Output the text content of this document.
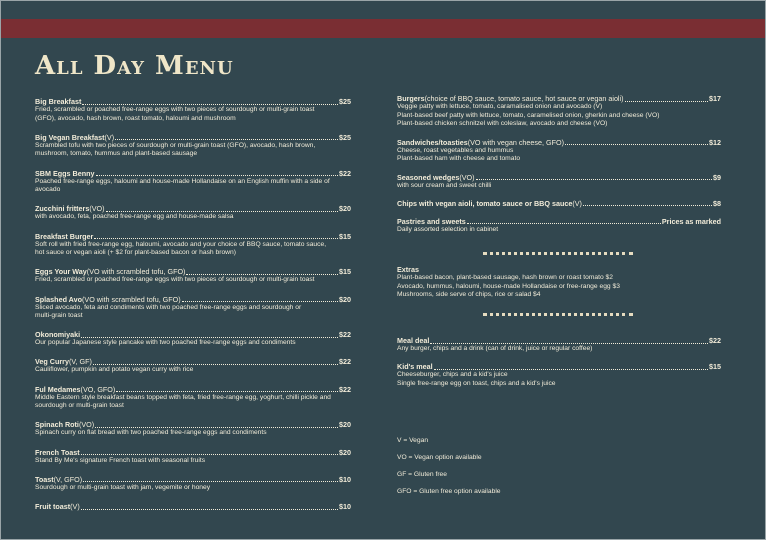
All Day Menu
Big Breakfast	$25
Fried, scrambled or poached free-range eggs with two pieces of sourdough or multi-grain toast
(GFO), avocado, hash brown, roast tomato, haloumi and mushroom
Big Vegan Breakfast (V)	$25
Scrambled tofu with two pieces of sourdough or multi-grain toast (GFO), avocado, hash brown,
mushroom, tomato, hummus and plant-based sausage
SBM Eggs Benny	$22
Poached free-range eggs, haloumi and house-made Hollandaise on an English muffin with a side of
avocado
Zucchini fritters (VO)	$20
with avocado, feta, poached free-range egg and house-made salsa
Breakfast Burger	$15
Soft roll with fried free-range egg, haloumi, avocado and your choice of BBQ sauce, tomato sauce,
hot sauce or vegan aioli (+ $2 for plant-based bacon or hash brown)
Eggs Your Way (VO with scrambled tofu, GFO)	$15
Fried, scrambled or poached free-range eggs with two pieces of sourdough or multi-grain toast
Splashed Avo (VO with scrambled tofu, GFO)	$20
Sliced avocado, feta and condiments with two poached free-range eggs and sourdough or
multi-grain toast
Okonomiyaki	$22
Our popular Japanese style pancake with two poached free-range eggs and condiments
Veg Curry (V, GF)	$22
Cauliflower, pumpkin and potato vegan curry with rice
Ful Medames (VO, GFO)	$22
Middle Eastern style breakfast beans topped with feta, fried free-range egg, yoghurt, chilli pickle and
sourdough or multi-grain toast
Spinach Roti (VO)	$20
Spinach curry on flat bread with two poached free-range eggs and condiments
French Toast	$20
Stand By Me's signature French toast with seasonal fruits
Toast (V, GFO)	$10
Sourdough or multi-grain toast with jam, vegemite or honey
Fruit toast (V)	$10
Burgers (choice of BBQ sauce, tomato sauce, hot sauce or vegan aioli)	$17
Veggie patty with lettuce, tomato, caramalised onion and avocado (V)
Plant-based beef patty with lettuce, tomato, caramelised onion, gherkin and cheese (VO)
Plant-based chicken schnitzel with coleslaw, avocado and cheese (VO)
Sandwiches/toasties (VO with vegan cheese, GFO)	$12
Cheese, roast vegetables and hummus
Plant-based ham with cheese and tomato
Seasoned wedges (VO)	$9
with sour cream and sweet chilli
Chips with vegan aioli, tomato sauce or BBQ sauce (V)	$8
Pastries and sweets	Prices as marked
Daily assorted selection in cabinet
Extras
Plant-based bacon, plant-based sausage, hash brown or roast tomato $2
Avocado, hummus, haloumi, house-made Hollandaise or free-range egg $3
Mushrooms, side serve of chips, rice or salad $4
Meal deal	$22
Any burger, chips and a drink (can of drink, juice or regular coffee)
Kid's meal	$15
Cheeseburger, chips and a kid's juice
Single free-range egg on toast, chips and a kid's juice
V = Vegan
VO = Vegan option available
GF = Gluten free
GFO = Gluten free option available
